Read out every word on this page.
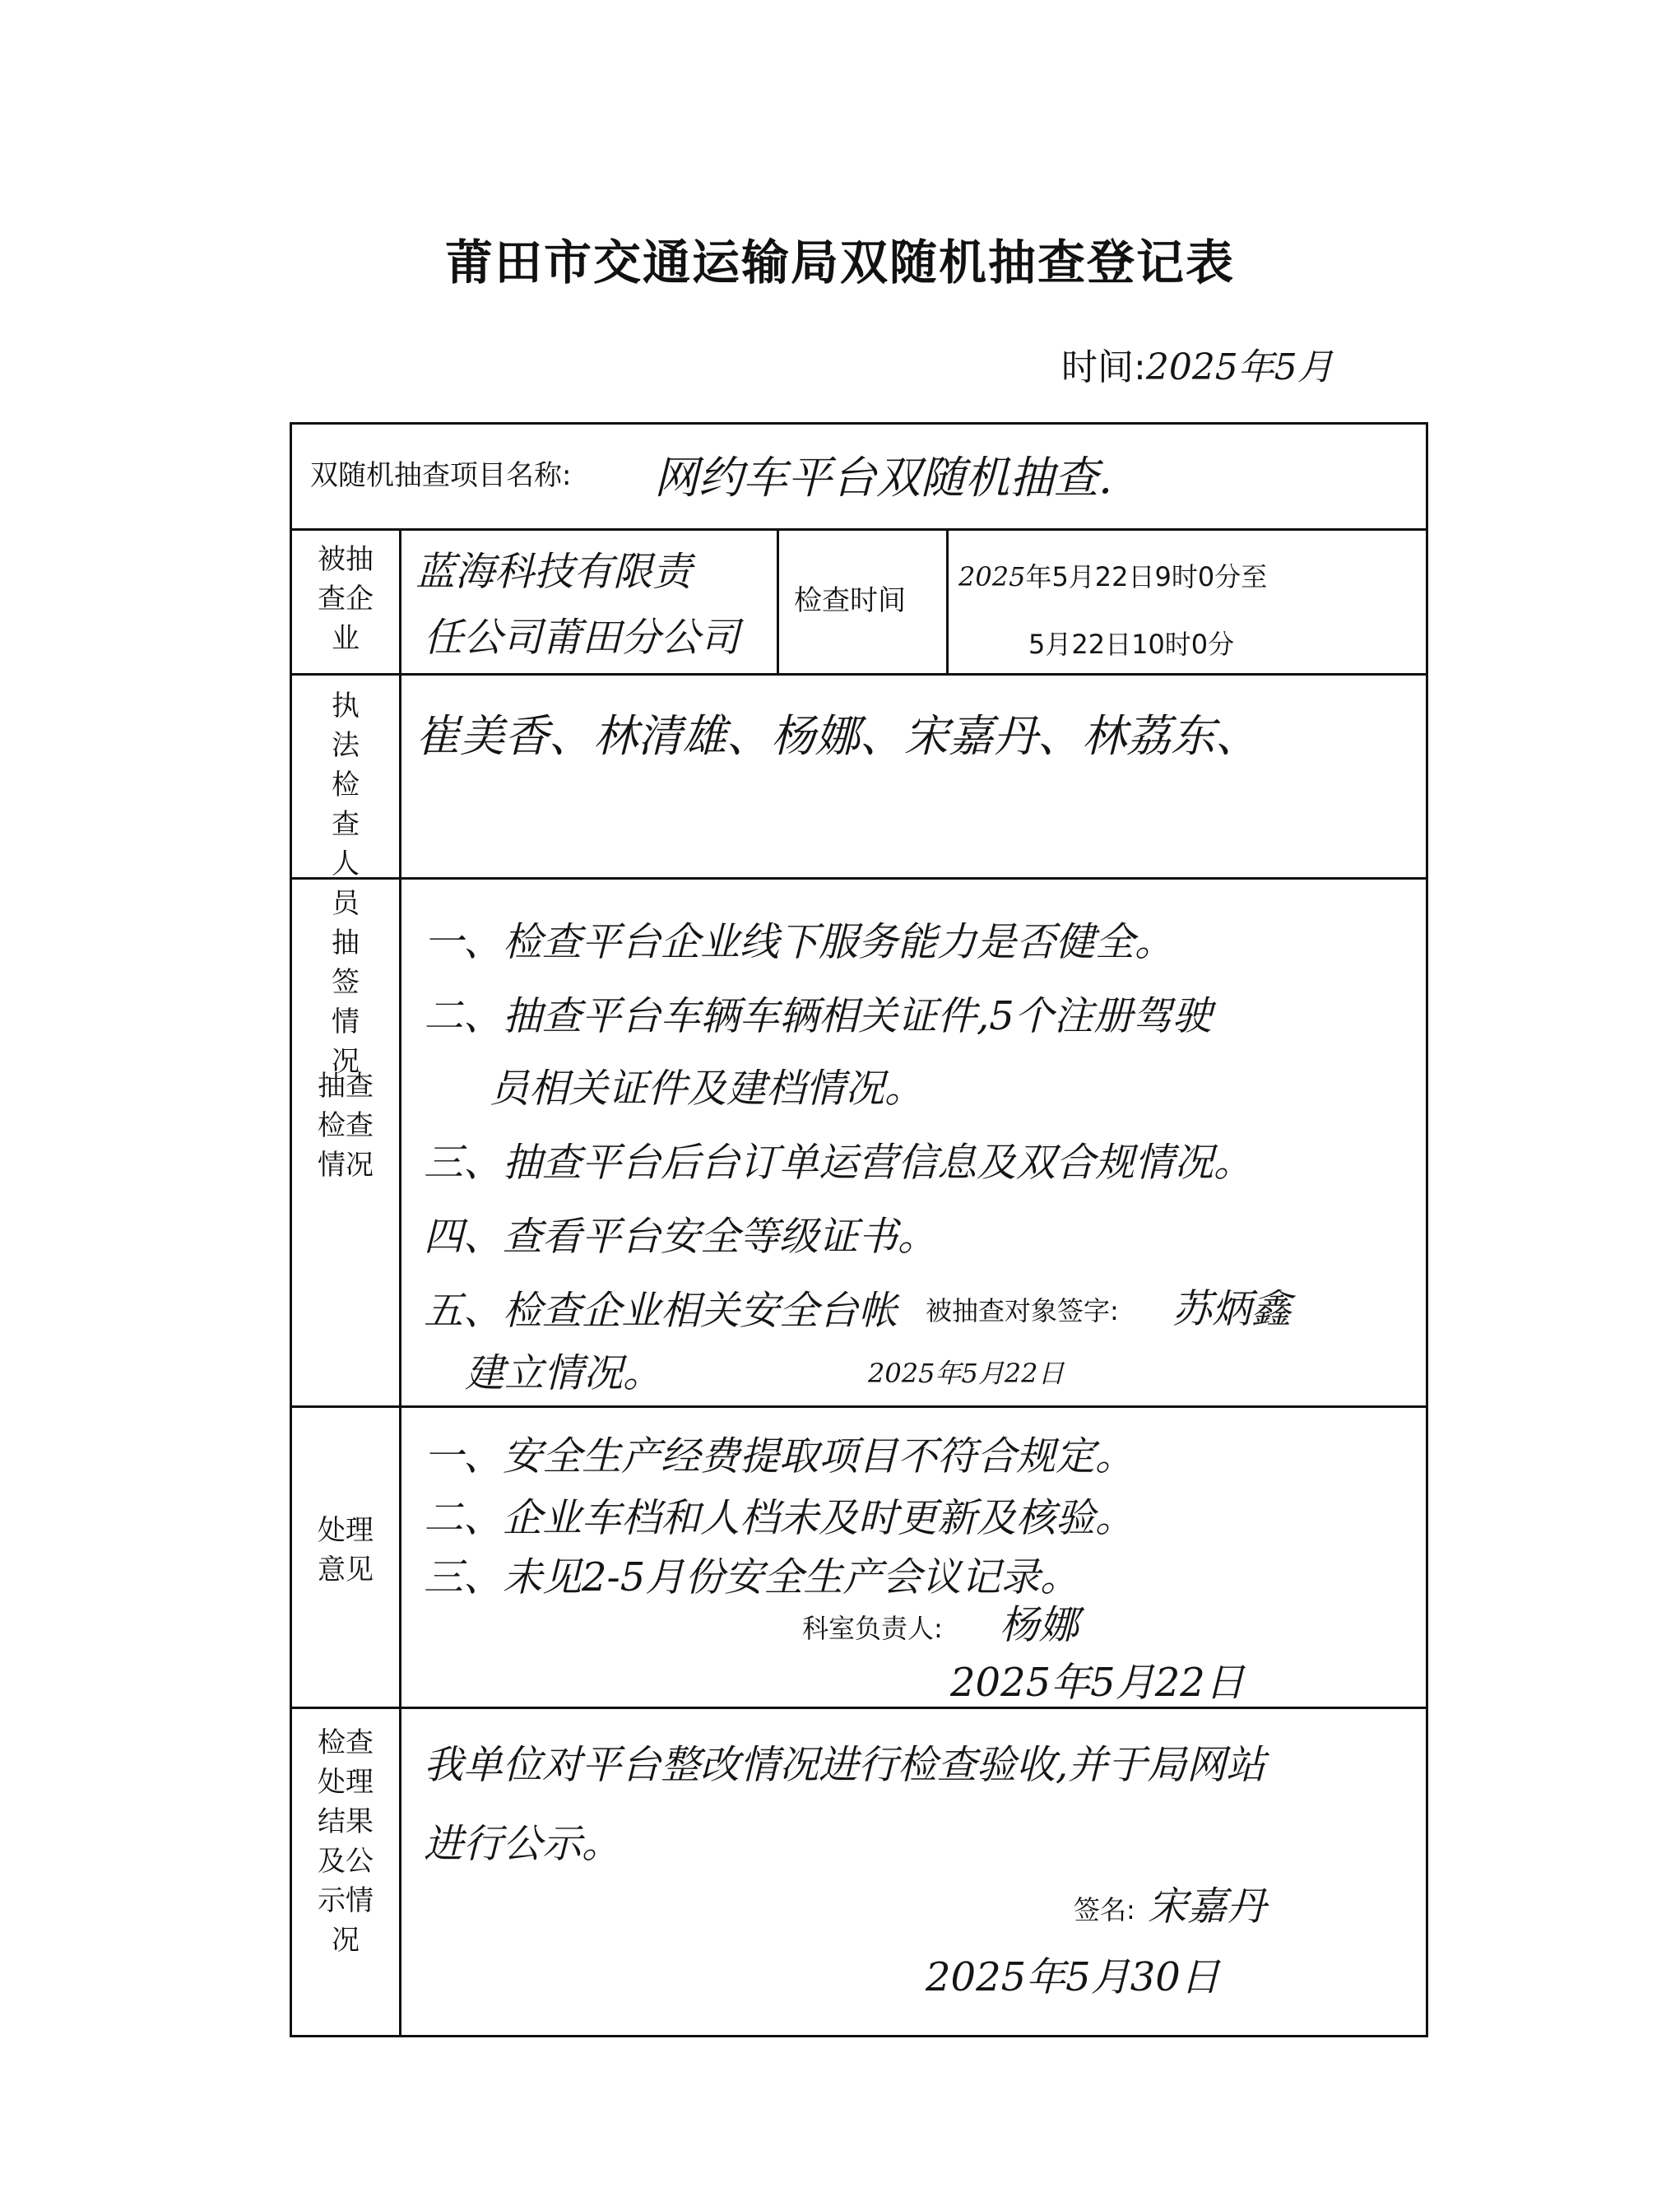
莆田市交通运输局双随机抽查登记表
时间:2025年5月
双随机抽查项目名称: 网约车平台双随机抽查.
被抽查企业
蓝海科技有限责
任公司莆田分公司
检查时间
2025年5月22日9时0分至
5月22日10时0分
执法检查人员抽签情况
崔美香、林清雄、杨娜、宋嘉丹、林荔东、
抽查检查情况
一、检查平台企业线下服务能力是否健全。
二、抽查平台车辆车辆相关证件,5个注册驾驶
员相关证件及建档情况。
三、抽查平台后台订单运营信息及双合规情况。
四、查看平台安全等级证书。
五、检查企业相关安全台帐
建立情况。
被抽查对象签字: 苏炳鑫
2025年5月22日
处理意见
一、安全生产经费提取项目不符合规定。
二、企业车档和人档未及时更新及核验。
三、未见2-5月份安全生产会议记录。
科室负责人: 杨娜
2025年5月22日
检查处理结果及公示情况
我单位对平台整改情况进行检查验收,并于局网站
进行公示。
签名: 宋嘉丹
2025年5月30日
